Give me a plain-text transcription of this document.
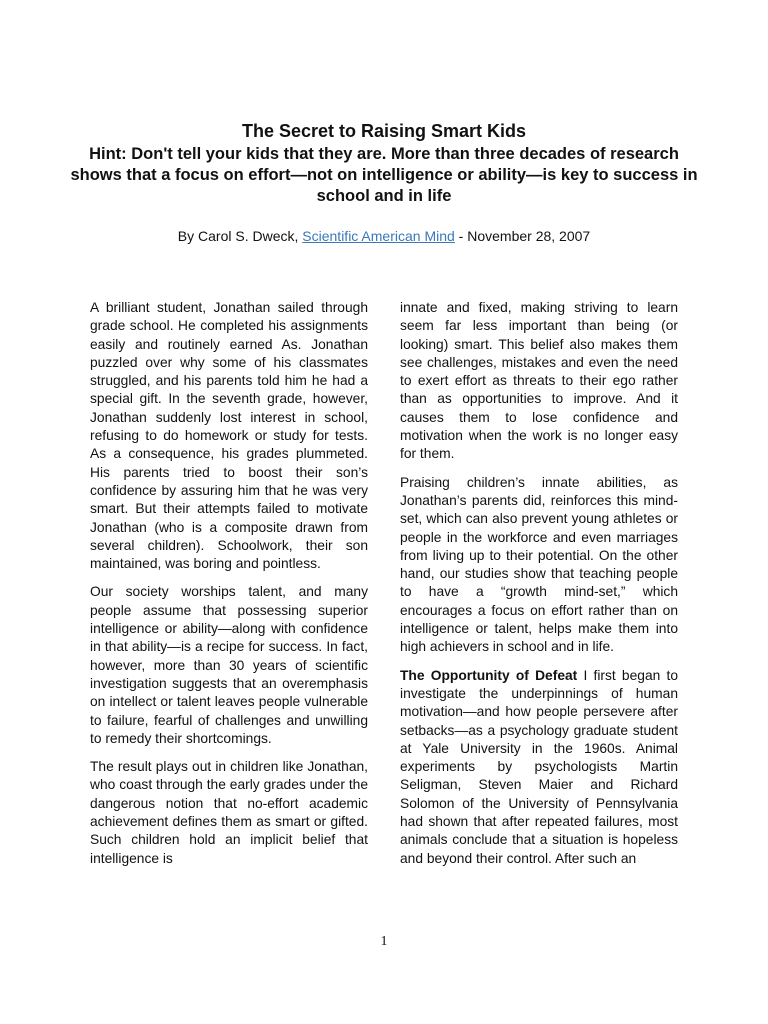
The Secret to Raising Smart Kids
Hint: Don't tell your kids that they are. More than three decades of research shows that a focus on effort—not on intelligence or ability—is key to success in school and in life
By Carol S. Dweck, Scientific American Mind - November 28, 2007

A brilliant student, Jonathan sailed through grade school. He completed his assignments easily and routinely earned As. Jonathan puzzled over why some of his classmates struggled, and his parents told him he had a special gift. In the seventh grade, however, Jonathan suddenly lost interest in school, refusing to do homework or study for tests. As a consequence, his grades plummeted. His parents tried to boost their son’s confidence by assuring him that he was very smart. But their attempts failed to motivate Jonathan (who is a composite drawn from several children). Schoolwork, their son maintained, was boring and pointless.

Our society worships talent, and many people assume that possessing superior intelligence or ability—along with confidence in that ability—is a recipe for success. In fact, however, more than 30 years of scientific investigation suggests that an overemphasis on intellect or talent leaves people vulnerable to failure, fearful of challenges and unwilling to remedy their shortcomings.

The result plays out in children like Jonathan, who coast through the early grades under the dangerous notion that no-effort academic achievement defines them as smart or gifted. Such children hold an implicit belief that intelligence is

innate and fixed, making striving to learn seem far less important than being (or looking) smart. This belief also makes them see challenges, mistakes and even the need to exert effort as threats to their ego rather than as opportunities to improve. And it causes them to lose confidence and motivation when the work is no longer easy for them.

Praising children’s innate abilities, as Jonathan’s parents did, reinforces this mind-set, which can also prevent young athletes or people in the workforce and even marriages from living up to their potential. On the other hand, our studies show that teaching people to have a “growth mind-set,” which encourages a focus on effort rather than on intelligence or talent, helps make them into high achievers in school and in life.

The Opportunity of Defeat I first began to investigate the underpinnings of human motivation—and how people persevere after setbacks—as a psychology graduate student at Yale University in the 1960s. Animal experiments by psychologists Martin Seligman, Steven Maier and Richard Solomon of the University of Pennsylvania had shown that after repeated failures, most animals conclude that a situation is hopeless and beyond their control. After such an

1
